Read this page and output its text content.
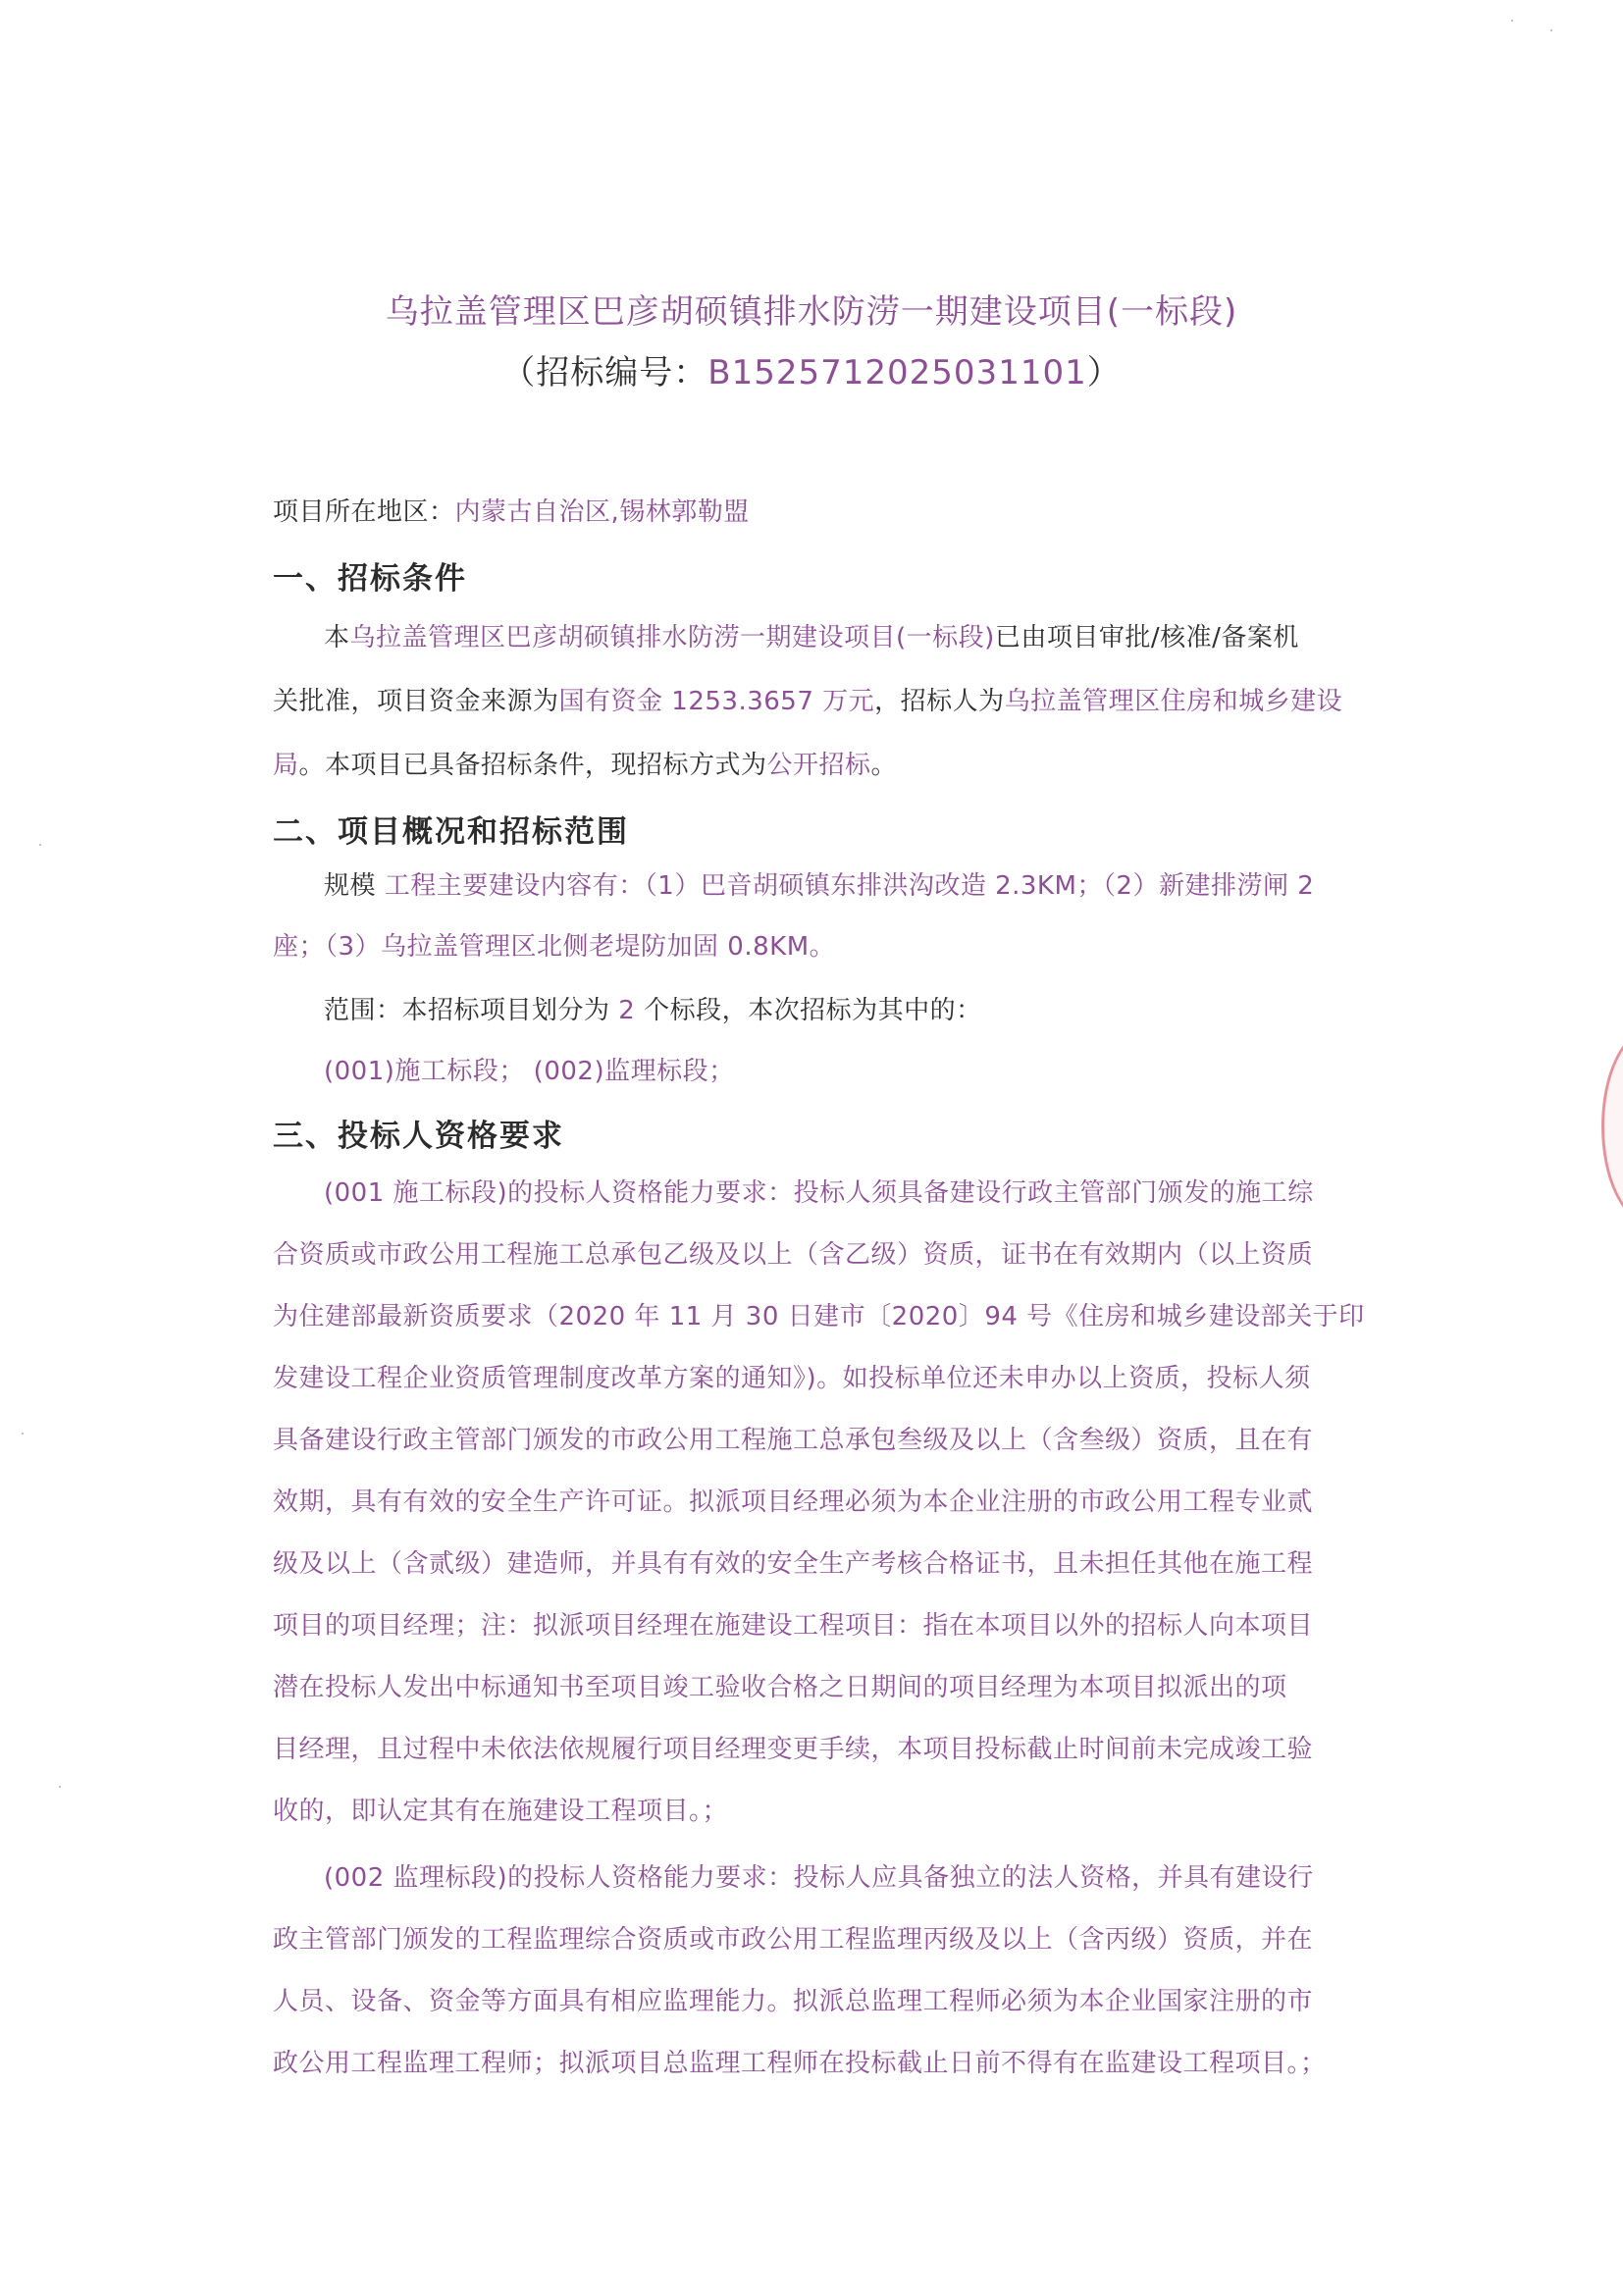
乌拉盖管理区巴彦胡硕镇排水防涝一期建设项目(一标段)
（招标编号：B1525712025031101）
项目所在地区：内蒙古自治区,锡林郭勒盟
一、招标条件
本乌拉盖管理区巴彦胡硕镇排水防涝一期建设项目(一标段)已由项目审批/核准/备案机
关批准，项目资金来源为国有资金 1253.3657 万元，招标人为乌拉盖管理区住房和城乡建设
局。本项目已具备招标条件，现招标方式为公开招标。
二、项目概况和招标范围
规模 工程主要建设内容有：（1）巴音胡硕镇东排洪沟改造 2.3KM；（2）新建排涝闸 2
座；（3）乌拉盖管理区北侧老堤防加固 0.8KM。
范围：本招标项目划分为 2 个标段，本次招标为其中的：
(001)施工标段； (002)监理标段；
三、投标人资格要求
(001 施工标段)的投标人资格能力要求：投标人须具备建设行政主管部门颁发的施工综
合资质或市政公用工程施工总承包乙级及以上（含乙级）资质，证书在有效期内（以上资质
为住建部最新资质要求（2020 年 11 月 30 日建市〔2020〕94 号《住房和城乡建设部关于印
发建设工程企业资质管理制度改革方案的通知》)。如投标单位还未申办以上资质，投标人须
具备建设行政主管部门颁发的市政公用工程施工总承包叁级及以上（含叁级）资质，且在有
效期，具有有效的安全生产许可证。拟派项目经理必须为本企业注册的市政公用工程专业贰
级及以上（含贰级）建造师，并具有有效的安全生产考核合格证书，且未担任其他在施工程
项目的项目经理；注：拟派项目经理在施建设工程项目：指在本项目以外的招标人向本项目
潜在投标人发出中标通知书至项目竣工验收合格之日期间的项目经理为本项目拟派出的项
目经理，且过程中未依法依规履行项目经理变更手续，本项目投标截止时间前未完成竣工验
收的，即认定其有在施建设工程项目。；
(002 监理标段)的投标人资格能力要求：投标人应具备独立的法人资格，并具有建设行
政主管部门颁发的工程监理综合资质或市政公用工程监理丙级及以上（含丙级）资质，并在
人员、设备、资金等方面具有相应监理能力。拟派总监理工程师必须为本企业国家注册的市
政公用工程监理工程师；拟派项目总监理工程师在投标截止日前不得有在监建设工程项目。；
